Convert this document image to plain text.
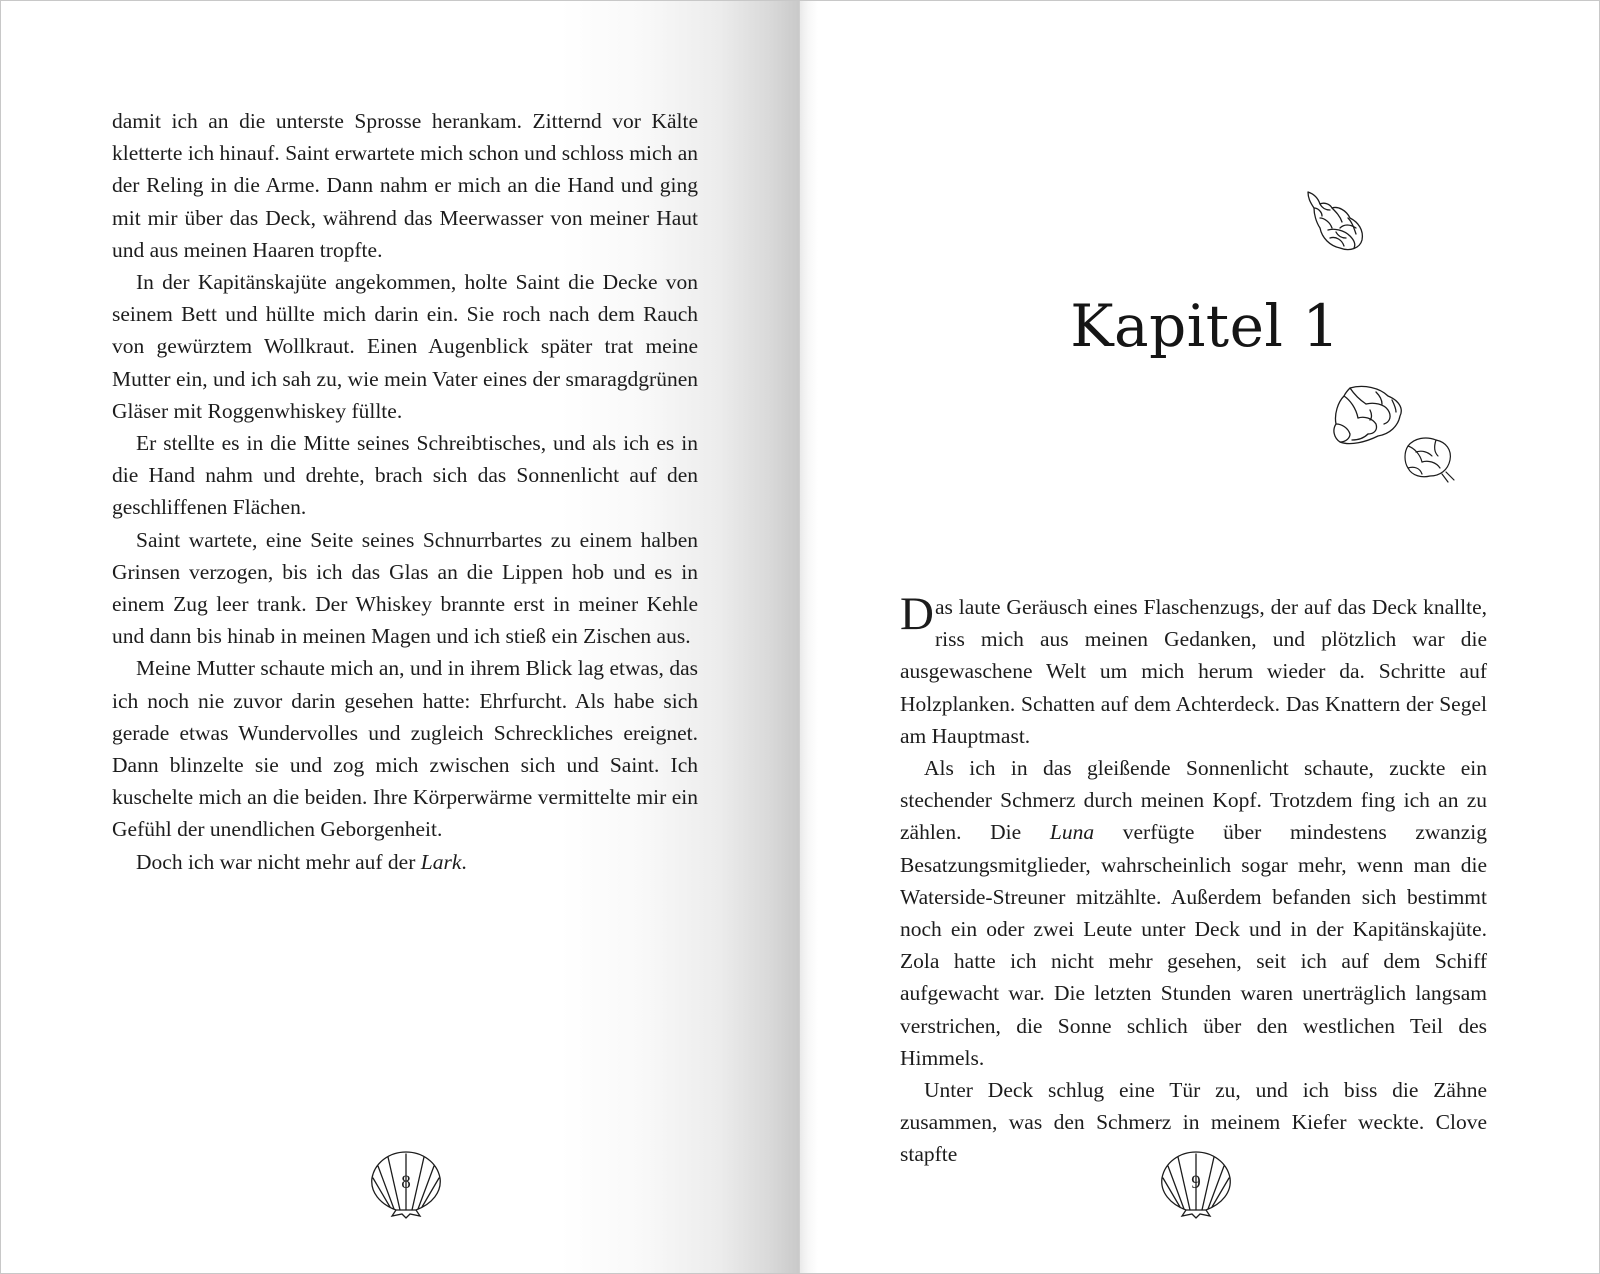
damit ich an die unterste Sprosse herankam. Zitternd vor Kälte kletterte ich hinauf. Saint erwartete mich schon und schloss mich an der Reling in die Arme. Dann nahm er mich an die Hand und ging mit mir über das Deck, während das Meerwasser von meiner Haut und aus meinen Haaren tropfte.

In der Kapitänskajüte angekommen, holte Saint die Decke von seinem Bett und hüllte mich darin ein. Sie roch nach dem Rauch von gewürztem Wollkraut. Einen Augenblick später trat meine Mutter ein, und ich sah zu, wie mein Vater eines der smaragdgrünen Gläser mit Roggenwhiskey füllte.

Er stellte es in die Mitte seines Schreibtisches, und als ich es in die Hand nahm und drehte, brach sich das Sonnenlicht auf den geschliffenen Flächen.

Saint wartete, eine Seite seines Schnurrbartes zu einem halben Grinsen verzogen, bis ich das Glas an die Lippen hob und es in einem Zug leer trank. Der Whiskey brannte erst in meiner Kehle und dann bis hinab in meinen Magen und ich stieß ein Zischen aus.

Meine Mutter schaute mich an, und in ihrem Blick lag etwas, das ich noch nie zuvor darin gesehen hatte: Ehrfurcht. Als habe sich gerade etwas Wundervolles und zugleich Schreckliches ereignet. Dann blinzelte sie und zog mich zwischen sich und Saint. Ich kuschelte mich an die beiden. Ihre Körperwärme vermittelte mir ein Gefühl der unendlichen Geborgenheit.

Doch ich war nicht mehr auf der Lark.

8
Kapitel 1

Das laute Geräusch eines Flaschenzugs, der auf das Deck knallte, riss mich aus meinen Gedanken, und plötzlich war die ausgewaschene Welt um mich herum wieder da. Schritte auf Holzplanken. Schatten auf dem Achterdeck. Das Knattern der Segel am Hauptmast.

Als ich in das gleißende Sonnenlicht schaute, zuckte ein stechender Schmerz durch meinen Kopf. Trotzdem fing ich an zu zählen. Die Luna verfügte über mindestens zwanzig Besatzungsmitglieder, wahrscheinlich sogar mehr, wenn man die Waterside-Streuner mitzählte. Außerdem befanden sich bestimmt noch ein oder zwei Leute unter Deck und in der Kapitänskajüte. Zola hatte ich nicht mehr gesehen, seit ich auf dem Schiff aufgewacht war. Die letzten Stunden waren unerträglich langsam verstrichen, die Sonne schlich über den westlichen Teil des Himmels.

Unter Deck schlug eine Tür zu, und ich biss die Zähne zusammen, was den Schmerz in meinem Kiefer weckte. Clove stapfte

9
